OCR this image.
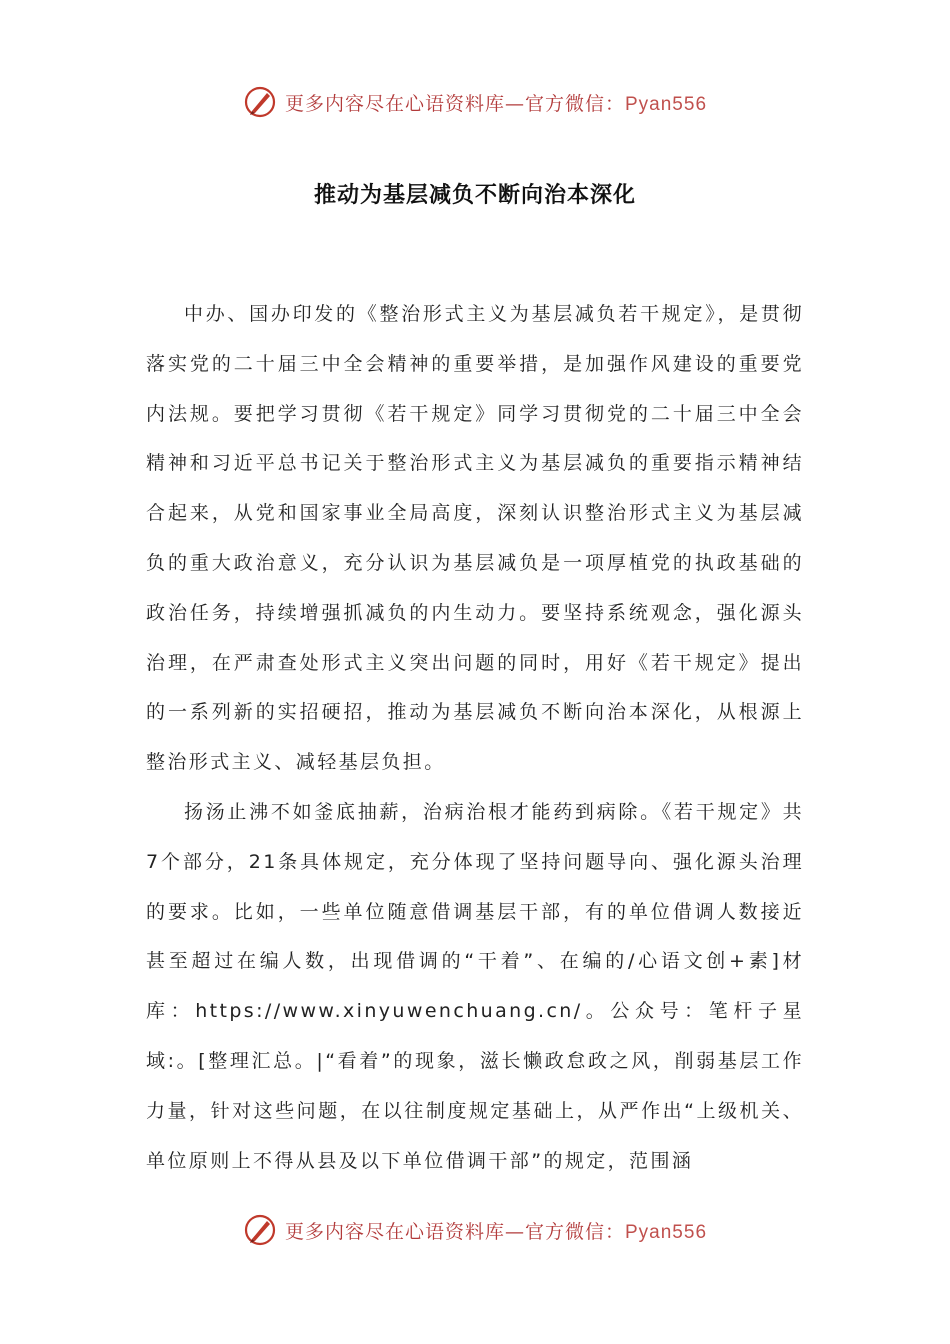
更多内容尽在心语资料库—官方微信：Pyan556
推动为基层减负不断向治本深化

中办、国办印发的《整治形式主义为基层减负若干规定》，是贯彻落实党的二十届三中全会精神的重要举措，是加强作风建设的重要党内法规。要把学习贯彻《若干规定》同学习贯彻党的二十届三中全会精神和习近平总书记关于整治形式主义为基层减负的重要指示精神结合起来，从党和国家事业全局高度，深刻认识整治形式主义为基层减负的重大政治意义，充分认识为基层减负是一项厚植党的执政基础的政治任务，持续增强抓减负的内生动力。要坚持系统观念，强化源头治理，在严肃查处形式主义突出问题的同时，用好《若干规定》提出的一系列新的实招硬招，推动为基层减负不断向治本深化，从根源上整治形式主义、减轻基层负担。

扬汤止沸不如釜底抽薪，治病治根才能药到病除。《若干规定》共7个部分，21条具体规定，充分体现了坚持问题导向、强化源头治理的要求。比如，一些单位随意借调基层干部，有的单位借调人数接近甚至超过在编人数，出现借调的“干着”、在编的/心语文创+素]材库：https://www.xinyuwenchuang.cn/。公众号：笔杆子星域:。[整理汇总。|“看着”的现象，滋长懒政怠政之风，削弱基层工作力量，针对这些问题，在以往制度规定基础上，从严作出“上级机关、单位原则上不得从县及以下单位借调干部”的规定，范围涵

更多内容尽在心语资料库—官方微信：Pyan556
